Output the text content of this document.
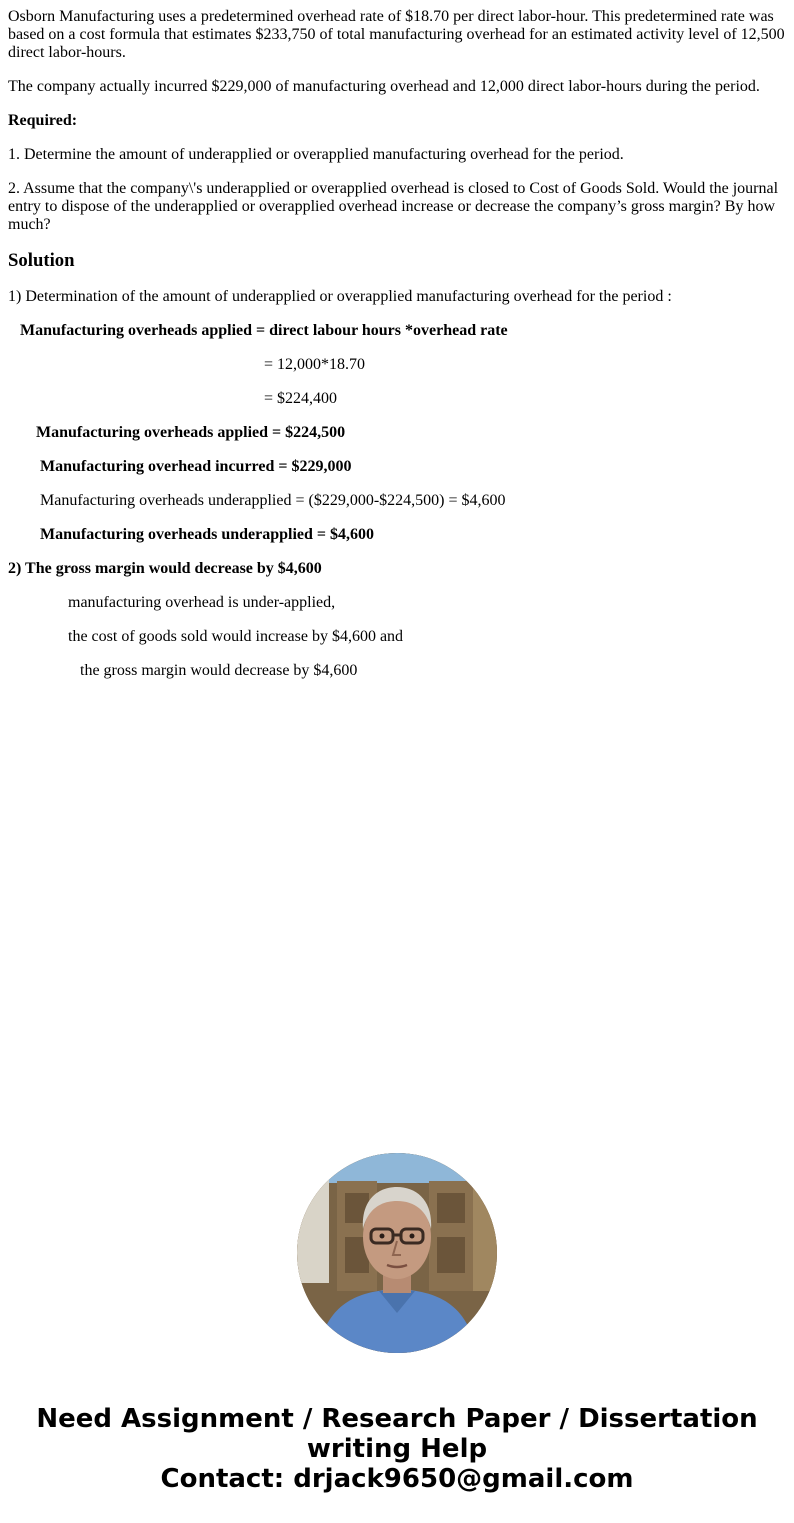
Osborn Manufacturing uses a predetermined overhead rate of $18.70 per direct labor-hour. This predetermined rate was based on a cost formula that estimates $233,750 of total manufacturing overhead for an estimated activity level of 12,500 direct labor-hours.

The company actually incurred $229,000 of manufacturing overhead and 12,000 direct labor-hours during the period.

Required:

1. Determine the amount of underapplied or overapplied manufacturing overhead for the period.

2. Assume that the company\'s underapplied or overapplied overhead is closed to Cost of Goods Sold. Would the journal entry to dispose of the underapplied or overapplied overhead increase or decrease the company’s gross margin? By how much?

Solution

1) Determination of the amount of underapplied or overapplied manufacturing overhead for the period :

Manufacturing overheads applied = direct labour hours *overhead rate

= 12,000*18.70

= $224,400

Manufacturing overheads applied = $224,500

Manufacturing overhead incurred = $229,000

Manufacturing overheads underapplied = ($229,000-$224,500) = $4,600

Manufacturing overheads underapplied = $4,600

2) The gross margin would decrease by $4,600

manufacturing overhead is under-applied,

the cost of goods sold would increase by $4,600 and

the gross margin would decrease by $4,600

Need Assignment / Research Paper / Dissertation
writing Help
Contact: drjack9650@gmail.com
